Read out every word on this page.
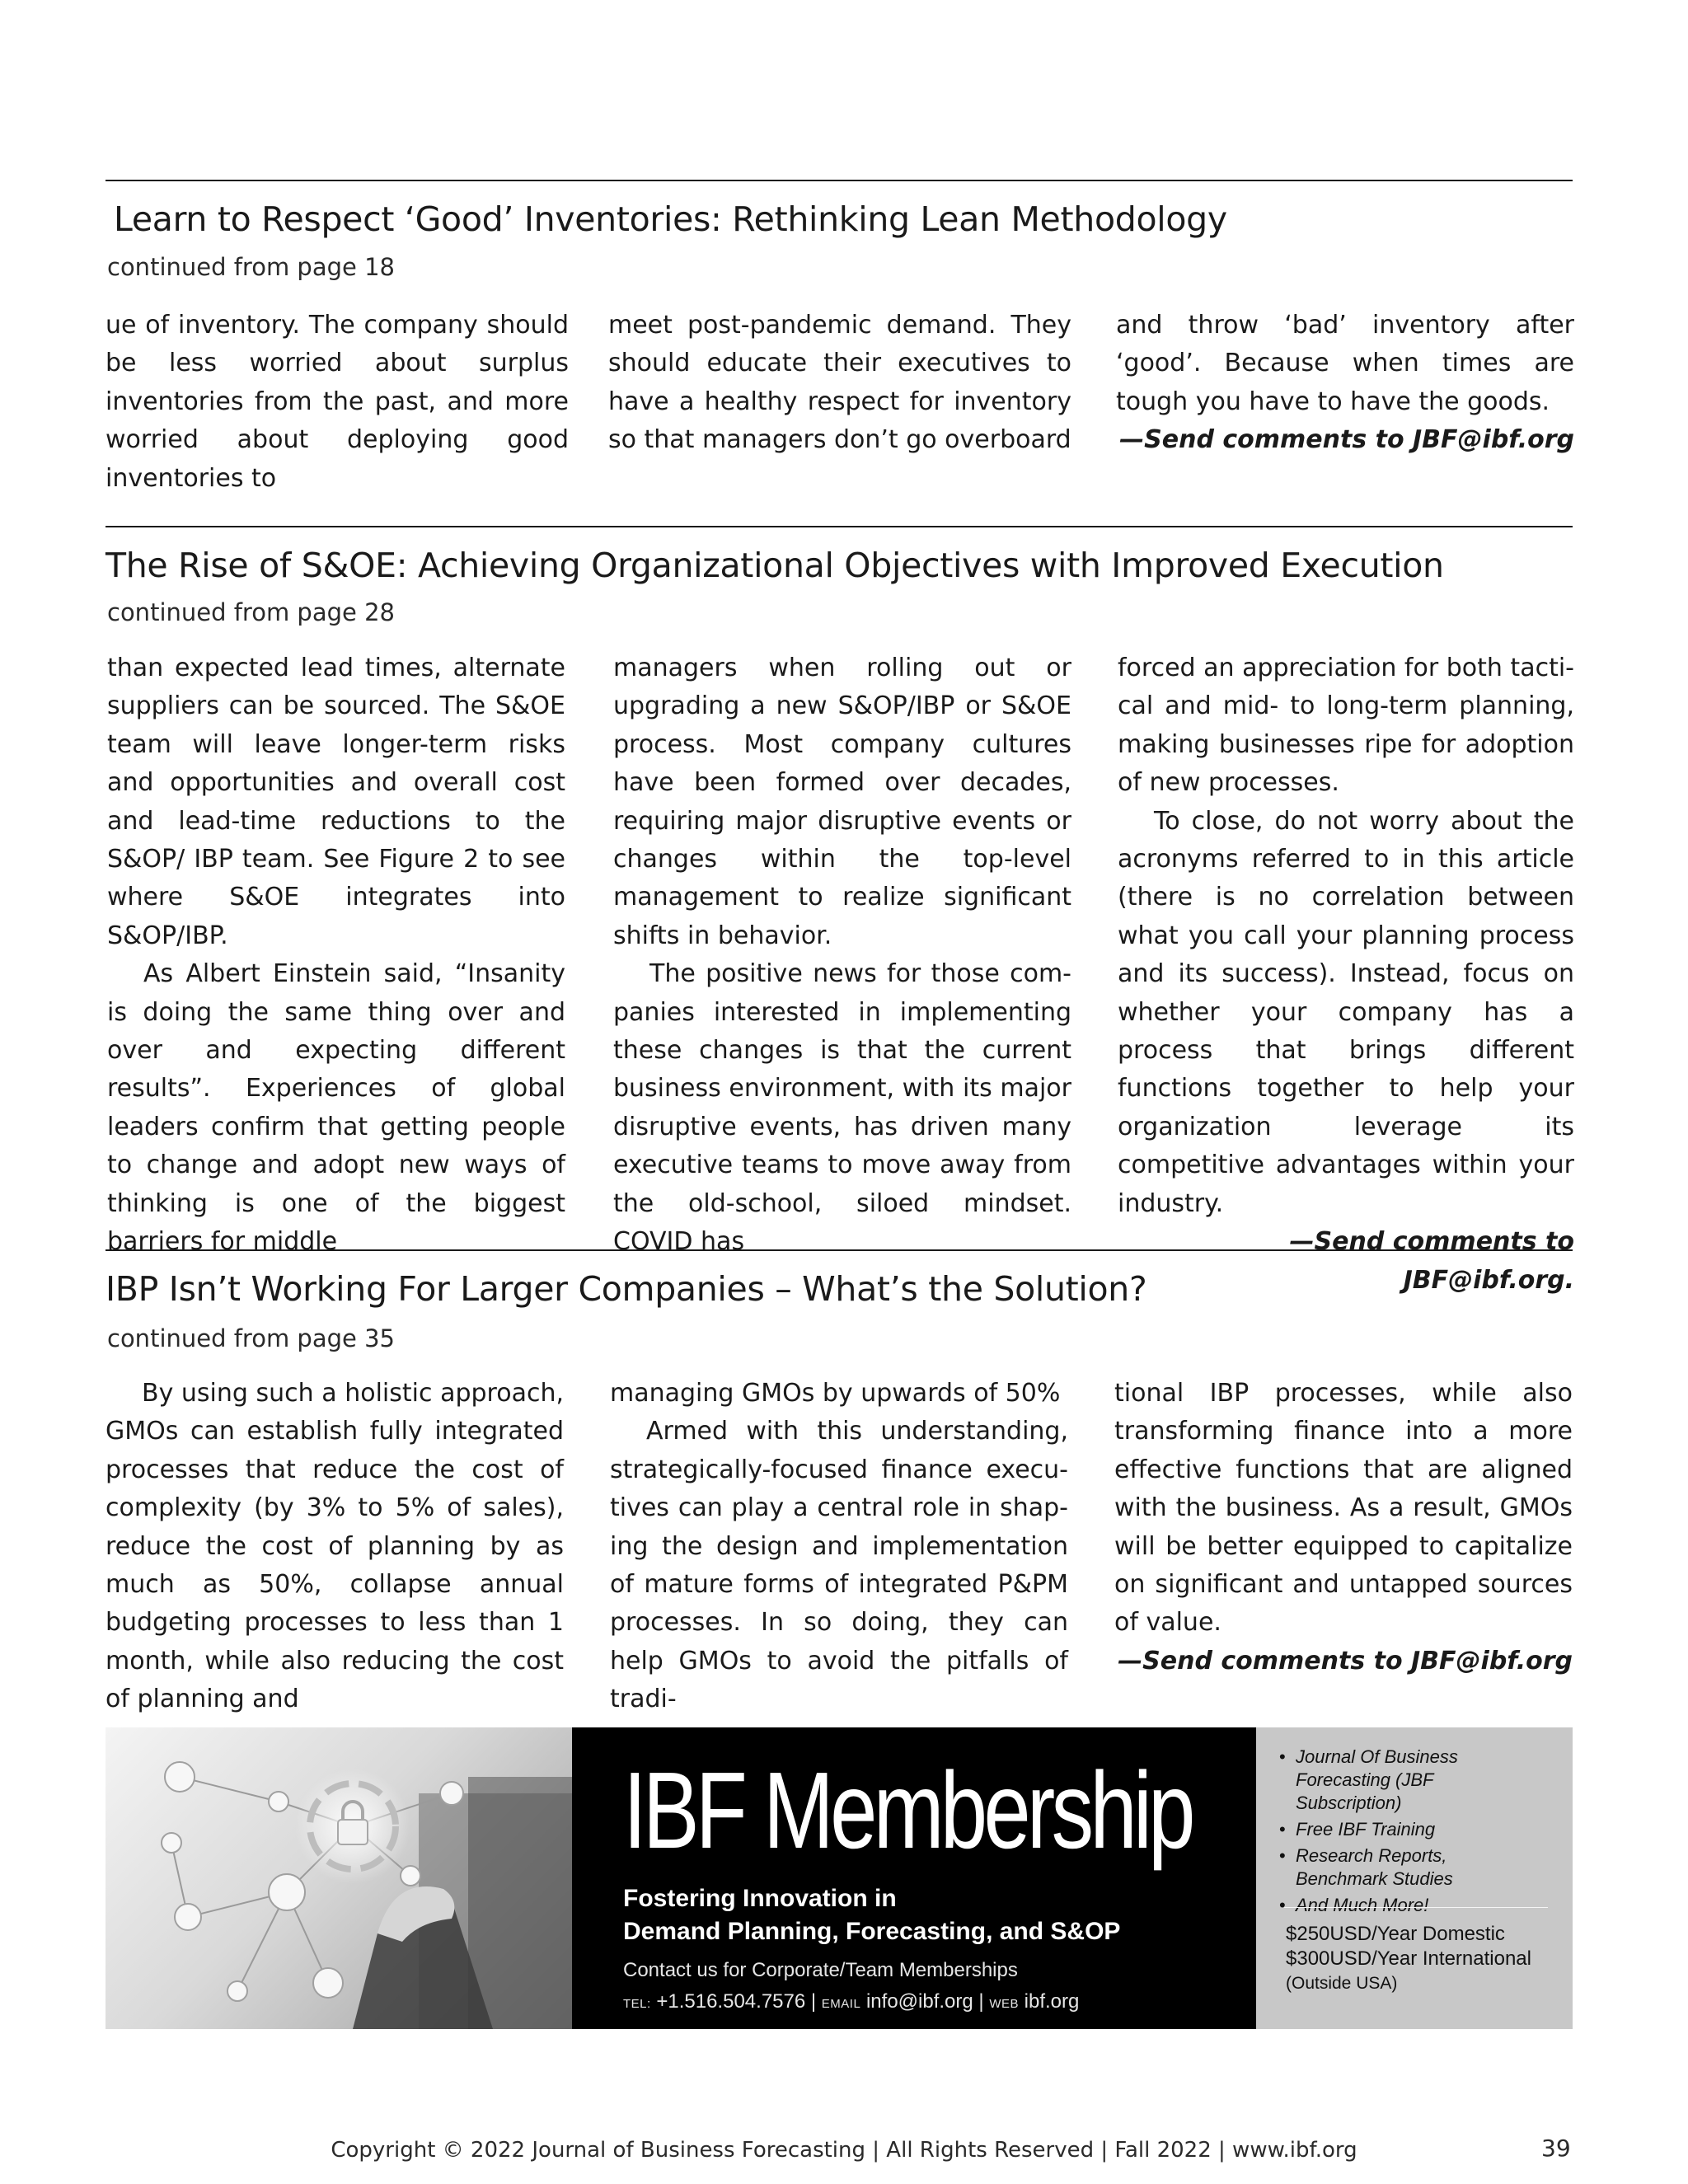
Learn to Respect ‘Good’ Inventories: Rethinking Lean Methodology
continued from page 18

ue of inventory. The company should be less worried about surplus inventories from the past, and more worried about deploying good inventories to

meet post-pandemic demand. They should educate their executives to have a healthy respect for inventory so that managers don’t go overboard

and throw ‘bad’ inventory after ‘good’. Because when times are tough you have to have the goods.

—Send comments to JBF@ibf.org

The Rise of S&OE: Achieving Organizational Objectives with Improved Execution
continued from page 28

than expected lead times, alternate suppliers can be sourced. The S&OE team will leave longer-term risks and opportunities and overall cost and lead-time reductions to the S&OP/ IBP team. See Figure 2 to see where S&OE integrates into S&OP/IBP.

As Albert Einstein said, “Insanity is doing the same thing over and over and expecting different results”. Experiences of global leaders confirm that getting people to change and adopt new ways of thinking is one of the biggest barriers for middle

managers when rolling out or upgrading a new S&OP/IBP or S&OE process. Most company cultures have been formed over decades, requiring major disruptive events or changes within the top-level management to realize significant shifts in behavior.

The positive news for those companies interested in implementing these changes is that the current business environment, with its major disruptive events, has driven many executive teams to move away from the old-school, siloed mindset. COVID has

forced an appreciation for both tactical and mid- to long-term planning, making businesses ripe for adoption of new processes.

To close, do not worry about the acronyms referred to in this article (there is no correlation between what you call your planning process and its success). Instead, focus on whether your company has a process that brings different functions together to help your organization leverage its competitive advantages within your industry.

—Send comments to JBF@ibf.org.

IBP Isn’t Working For Larger Companies – What’s the Solution?
continued from page 35

By using such a holistic approach, GMOs can establish fully integrated processes that reduce the cost of complexity (by 3% to 5% of sales), reduce the cost of planning by as much as 50%, collapse annual budgeting processes to less than 1 month, while also reducing the cost of planning and

managing GMOs by upwards of 50%

Armed with this understanding, strategically-focused finance executives can play a central role in shaping the design and implementation of mature forms of integrated P&PM processes. In so doing, they can help GMOs to avoid the pitfalls of tradi-

tional IBP processes, while also transforming finance into a more effective functions that are aligned with the business. As a result, GMOs will be better equipped to capitalize on significant and untapped sources of value.

—Send comments to JBF@ibf.org

IBF Membership
Fostering Innovation in
Demand Planning, Forecasting, and S&OP
Contact us for Corporate/Team Memberships
TEL: +1.516.504.7576 | EMAIL info@ibf.org | WEB ibf.org
• Journal Of Business Forecasting (JBF Subscription)
• Free IBF Training
• Research Reports, Benchmark Studies
• And Much More!
$250USD/Year Domestic
$300USD/Year International
(Outside USA)
Copyright © 2022 Journal of Business Forecasting | All Rights Reserved | Fall 2022 | www.ibf.org	39
